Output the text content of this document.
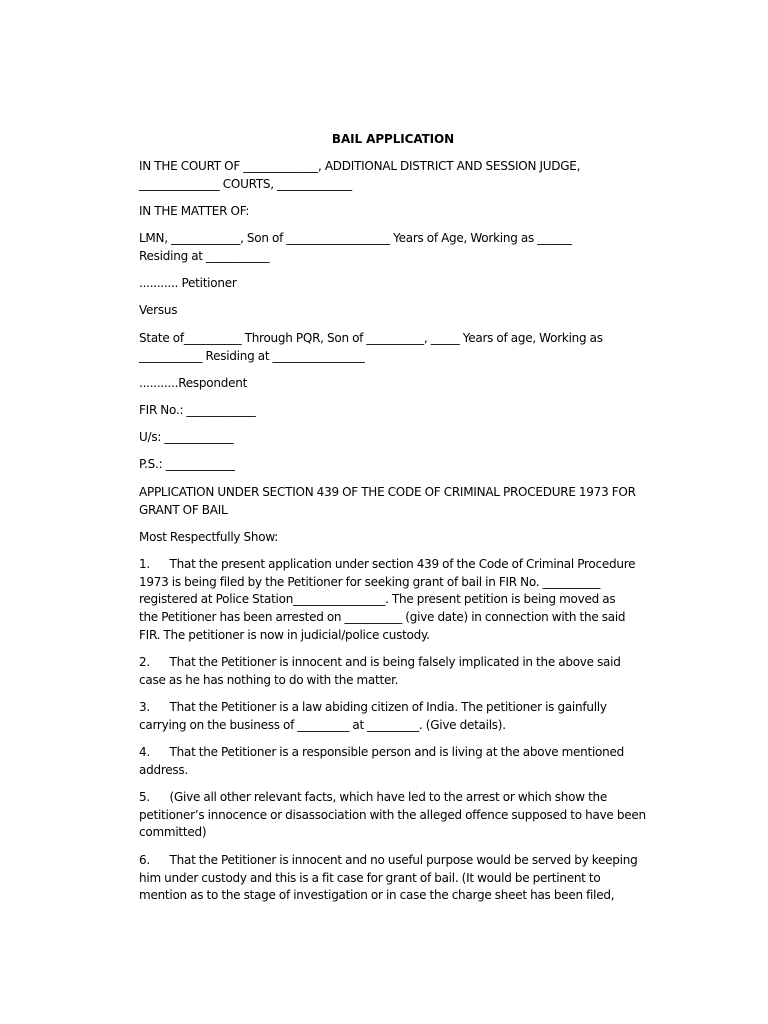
BAIL APPLICATION
IN THE COURT OF _____________, ADDITIONAL DISTRICT AND SESSION JUDGE,
______________ COURTS, _____________
IN THE MATTER OF:
LMN, ____________, Son of __________________ Years of Age, Working as ______
Residing at ___________
........... Petitioner
Versus
State of__________ Through PQR, Son of __________, _____ Years of age, Working as
___________ Residing at ________________
...........Respondent
FIR No.: ____________
U/s: ____________
P.S.: ____________
APPLICATION UNDER SECTION 439 OF THE CODE OF CRIMINAL PROCEDURE 1973 FOR
GRANT OF BAIL
Most Respectfully Show:
1.      That the present application under section 439 of the Code of Criminal Procedure
1973 is being filed by the Petitioner for seeking grant of bail in FIR No. __________
registered at Police Station________________. The present petition is being moved as
the Petitioner has been arrested on __________ (give date) in connection with the said
FIR. The petitioner is now in judicial/police custody.
2.      That the Petitioner is innocent and is being falsely implicated in the above said
case as he has nothing to do with the matter.
3.      That the Petitioner is a law abiding citizen of India. The petitioner is gainfully
carrying on the business of _________ at _________. (Give details).
4.      That the Petitioner is a responsible person and is living at the above mentioned
address.
5.      (Give all other relevant facts, which have led to the arrest or which show the
petitioner’s innocence or disassociation with the alleged offence supposed to have been
committed)
6.      That the Petitioner is innocent and no useful purpose would be served by keeping
him under custody and this is a fit case for grant of bail. (It would be pertinent to
mention as to the stage of investigation or in case the charge sheet has been filed,
